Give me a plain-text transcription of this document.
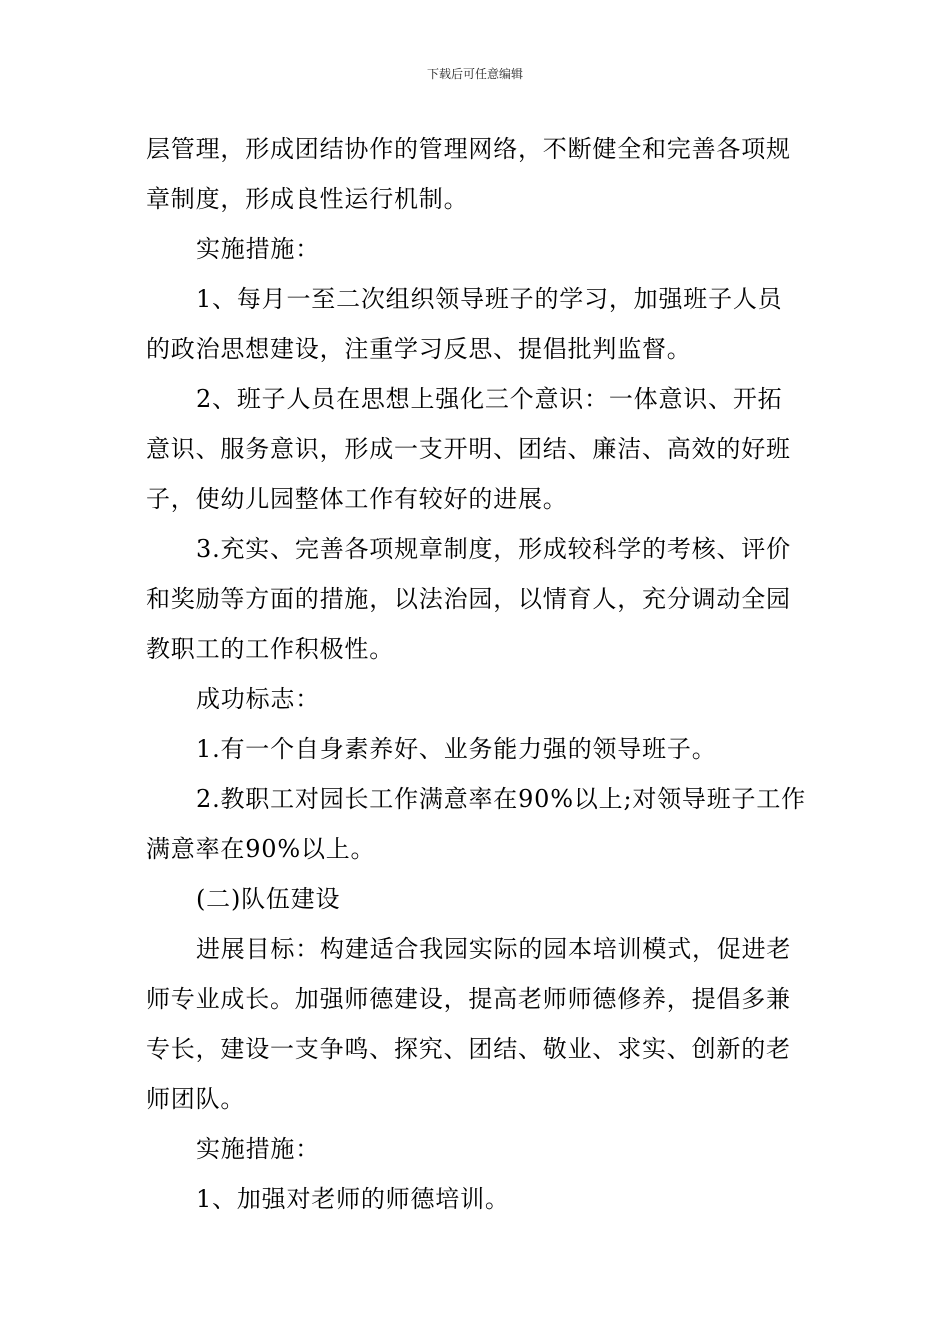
下载后可任意编辑

层管理，形成团结协作的管理网络，不断健全和完善各项规章制度，形成良性运行机制。

实施措施：

1、每月一至二次组织领导班子的学习，加强班子人员的政治思想建设，注重学习反思、提倡批判监督。

2、班子人员在思想上强化三个意识：一体意识、开拓意识、服务意识，形成一支开明、团结、廉洁、高效的好班子，使幼儿园整体工作有较好的进展。

3.充实、完善各项规章制度，形成较科学的考核、评价和奖励等方面的措施，以法治园，以情育人，充分调动全园教职工的工作积极性。

成功标志：

1.有一个自身素养好、业务能力强的领导班子。

2.教职工对园长工作满意率在90%以上;对领导班子工作满意率在90%以上。

(二)队伍建设

进展目标：构建适合我园实际的园本培训模式，促进老师专业成长。加强师德建设，提高老师师德修养，提倡多兼专长，建设一支争鸣、探究、团结、敬业、求实、创新的老师团队。

实施措施：

1、加强对老师的师德培训。
